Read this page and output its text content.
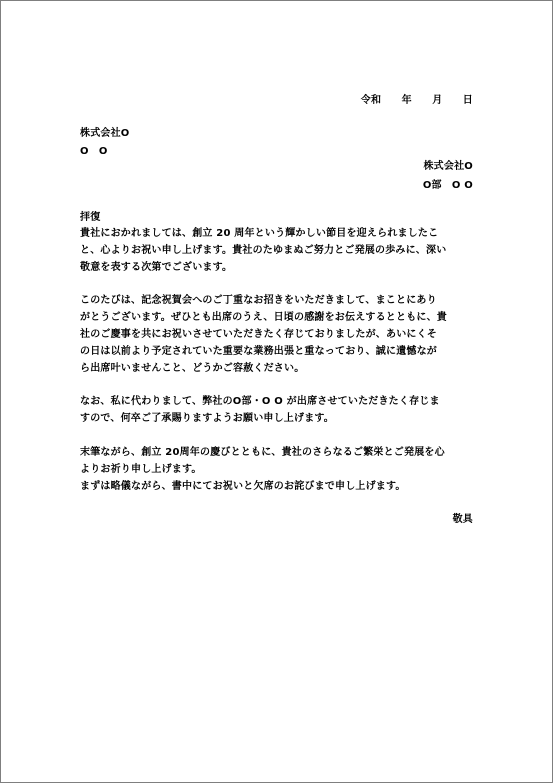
令和　　年　　月　　日
株式会社O
O　O
株式会社O
O部　O O
拝復
貴社におかれましては、創立 20 周年という輝かしい節目を迎えられましたこ
と、心よりお祝い申し上げます。貴社のたゆまぬご努力とご発展の歩みに、深い
敬意を表する次第でございます。
このたびは、記念祝賀会へのご丁重なお招きをいただきまして、まことにあり
がとうございます。ぜひとも出席のうえ、日頃の感謝をお伝えするとともに、貴
社のご慶事を共にお祝いさせていただきたく存じておりましたが、あいにくそ
の日は以前より予定されていた重要な業務出張と重なっており、誠に遺憾なが
ら出席叶いませんこと、どうかご容赦ください。
なお、私に代わりまして、弊社のO部・O O が出席させていただきたく存じま
すので、何卒ご了承賜りますようお願い申し上げます。
末筆ながら、創立 20周年の慶びとともに、貴社のさらなるご繁栄とご発展を心
よりお祈り申し上げます。
まずは略儀ながら、書中にてお祝いと欠席のお詫びまで申し上げます。
敬具
